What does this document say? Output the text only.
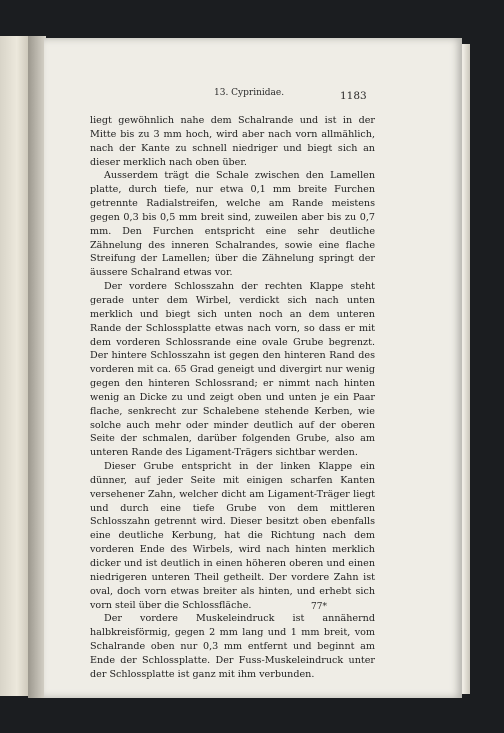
13. Cyprinidae.	1183

liegt gewöhnlich nahe dem Schalrande und ist in der Mitte bis zu 3 mm hoch, wird aber nach vorn allmählich, nach der Kante zu schnell niedriger und biegt sich an dieser merklich nach oben über.

Ausserdem trägt die Schale zwischen den Lamellen platte, durch tiefe, nur etwa 0,1 mm breite Furchen getrennte Radialstreifen, welche am Rande meistens gegen 0,3 bis 0,5 mm breit sind, zuweilen aber bis zu 0,7 mm. Den Furchen entspricht eine sehr deutliche Zähnelung des inneren Schalrandes, sowie eine flache Streifung der Lamellen; über die Zähnelung springt der äussere Schalrand etwas vor.

Der vordere Schlosszahn der rechten Klappe steht gerade unter dem Wirbel, verdickt sich nach unten merklich und biegt sich unten noch an dem unteren Rande der Schlossplatte etwas nach vorn, so dass er mit dem vorderen Schlossrande eine ovale Grube begrenzt. Der hintere Schlosszahn ist gegen den hinteren Rand des vorderen mit ca. 65 Grad geneigt und divergirt nur wenig gegen den hinteren Schlossrand; er nimmt nach hinten wenig an Dicke zu und zeigt oben und unten je ein Paar flache, senkrecht zur Schalebene stehende Kerben, wie solche auch mehr oder minder deutlich auf der oberen Seite der schmalen, darüber folgenden Grube, also am unteren Rande des Ligament-Trägers sichtbar werden.

Dieser Grube entspricht in der linken Klappe ein dünner, auf jeder Seite mit einigen scharfen Kanten versehener Zahn, welcher dicht am Ligament-Träger liegt und durch eine tiefe Grube von dem mittleren Schlosszahn getrennt wird. Dieser besitzt oben ebenfalls eine deutliche Kerbung, hat die Richtung nach dem vorderen Ende des Wirbels, wird nach hinten merklich dicker und ist deutlich in einen höheren oberen und einen niedrigeren unteren Theil getheilt. Der vordere Zahn ist oval, doch vorn etwas breiter als hinten, und erhebt sich vorn steil über die Schlossfläche.

Der vordere Muskeleindruck ist annähernd halbkreisförmig, gegen 2 mm lang und 1 mm breit, vom Schalrande oben nur 0,3 mm entfernt und beginnt am Ende der Schlossplatte. Der Fuss-Muskeleindruck unter der Schlossplatte ist ganz mit ihm verbunden.

77*
